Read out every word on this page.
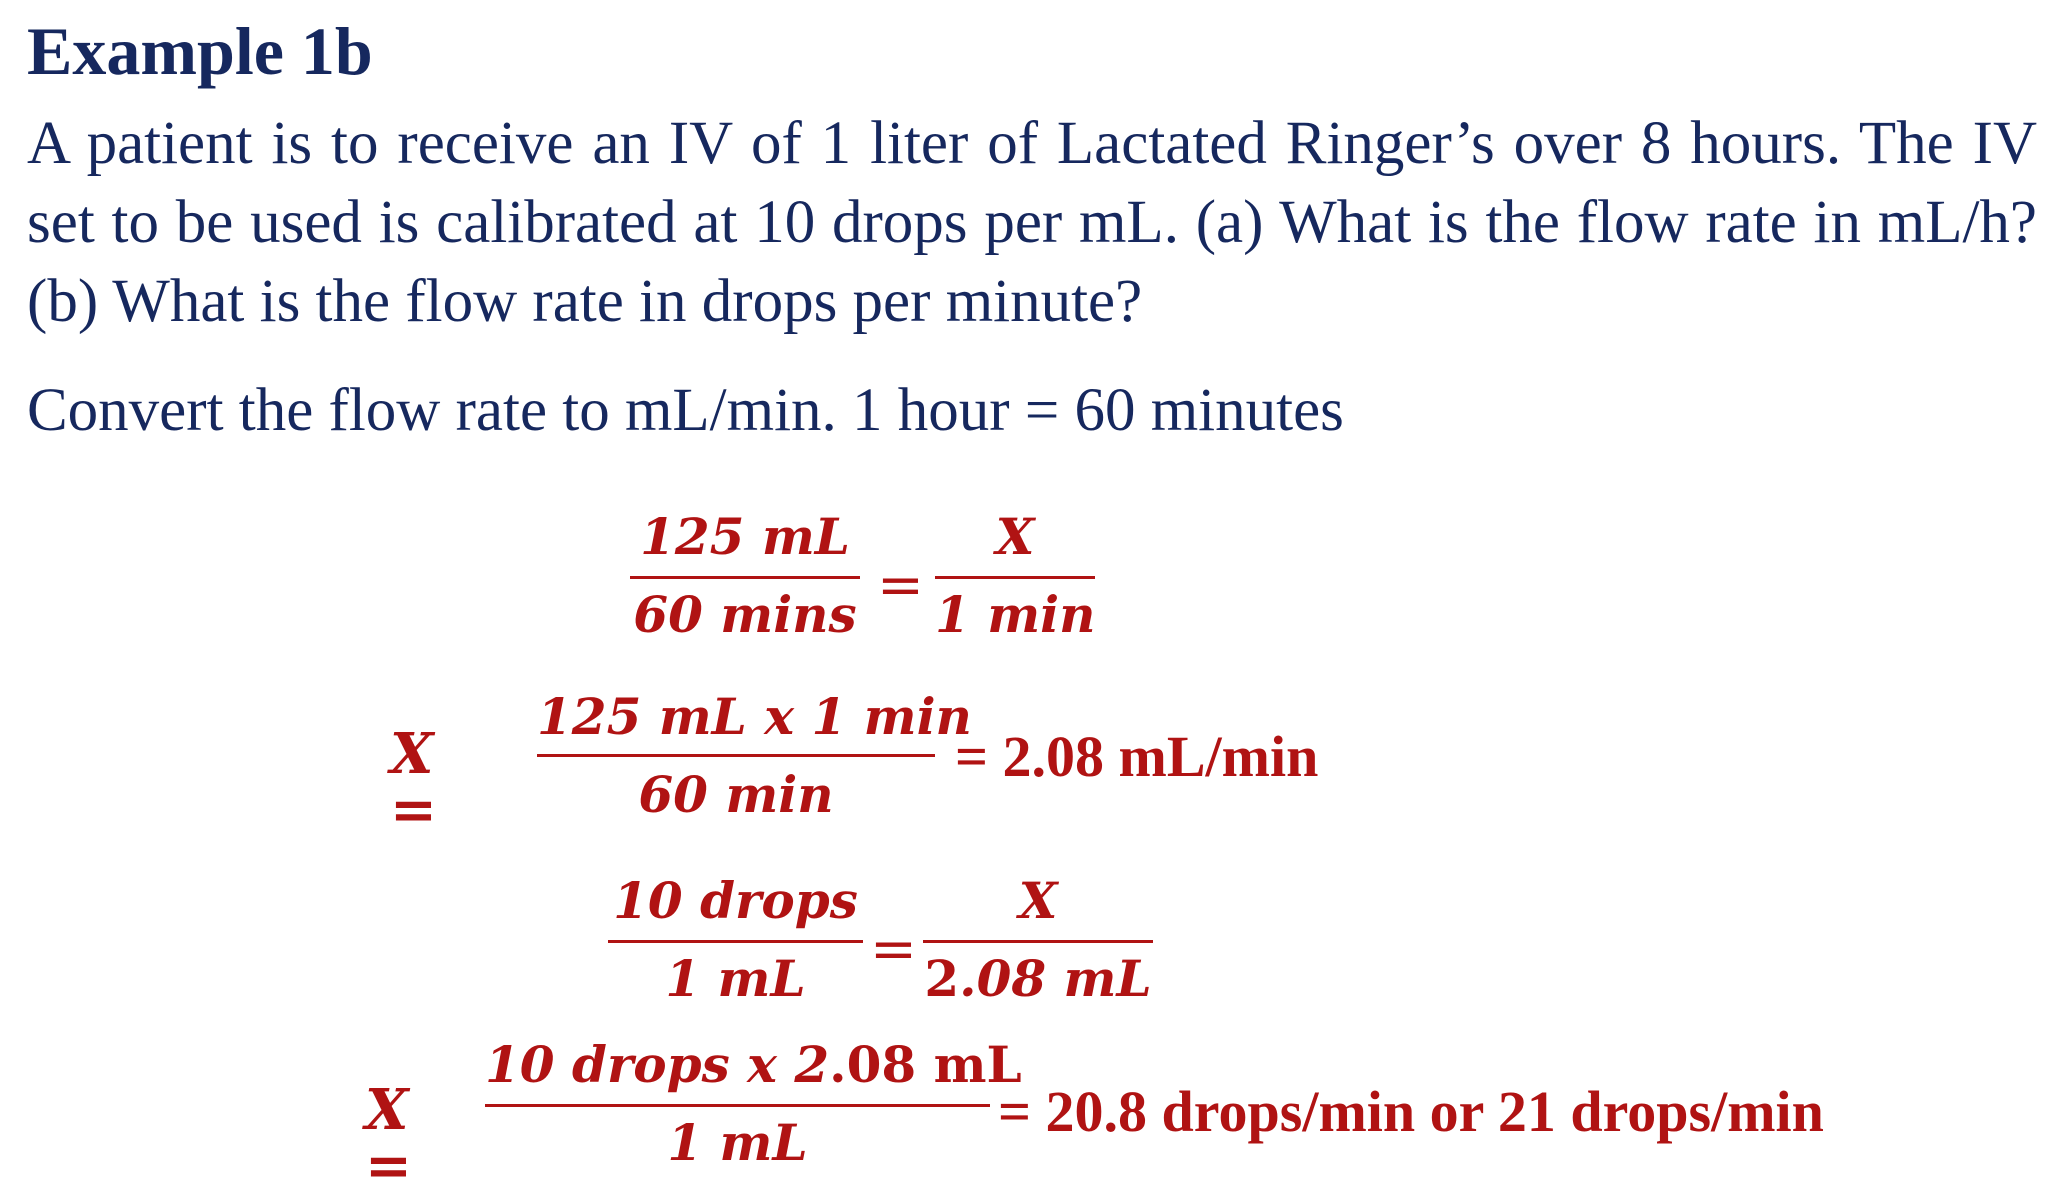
Example 1b
A patient is to receive an IV of 1 liter of Lactated Ringer’s over 8 hours. The IV set to be used is calibrated at 10 drops per mL. (a) What is the flow rate in mL/h? (b) What is the flow rate in drops per minute?
Convert the flow rate to mL/min. 1 hour = 60 minutes
125 mL
60 mins =
X
1 min
X =
125 mL x 1 min
60 min
= 2.08 mL/min
10 drops
1 mL	=
X
2.08 mL
X =
10 drops x 2.08 mL
1 mL	= 20.8 drops/min or 21 drops/min
